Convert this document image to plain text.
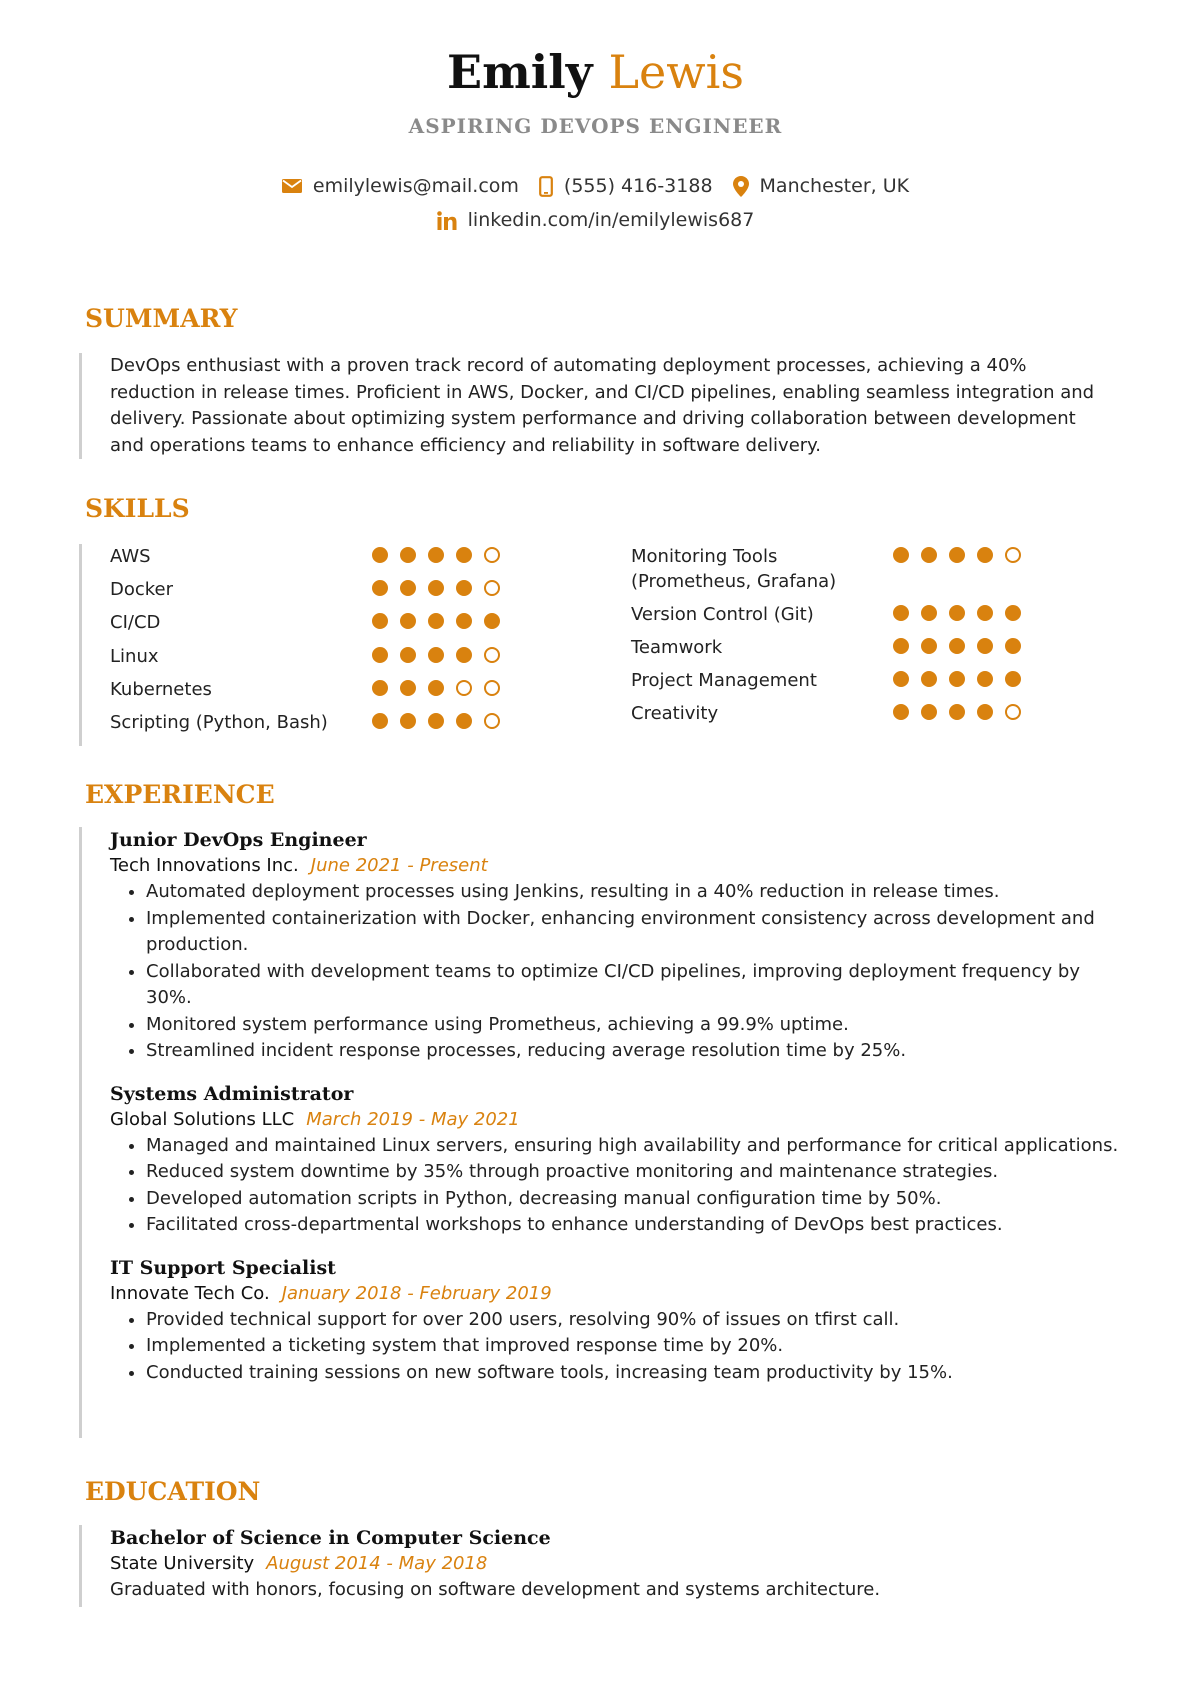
Emily Lewis
ASPIRING DEVOPS ENGINEER
emilylewis@mail.com (555) 416-3188 Manchester, UK
linkedin.com/in/emilylewis687
SUMMARY

DevOps enthusiast with a proven track record of automating deployment processes, achieving a 40% reduction in release times. Proficient in AWS, Docker, and CI/CD pipelines, enabling seamless integration and delivery. Passionate about optimizing system performance and driving collaboration between development and operations teams to enhance efficiency and reliability in software delivery.

SKILLS
AWS
Docker
CI/CD
Linux
Kubernetes
Scripting (Python, Bash)
Monitoring Tools (Prometheus, Grafana)
Version Control (Git)
Teamwork
Project Management
Creativity
EXPERIENCE
Junior DevOps Engineer
Tech Innovations Inc. June 2021 - Present
• Automated deployment processes using Jenkins, resulting in a 40% reduction in release times.
• Implemented containerization with Docker, enhancing environment consistency across development and production.
• Collaborated with development teams to optimize CI/CD pipelines, improving deployment frequency by 30%.
• Monitored system performance using Prometheus, achieving a 99.9% uptime.
• Streamlined incident response processes, reducing average resolution time by 25%.
Systems Administrator
Global Solutions LLC March 2019 - May 2021
• Managed and maintained Linux servers, ensuring high availability and performance for critical applications.
• Reduced system downtime by 35% through proactive monitoring and maintenance strategies.
• Developed automation scripts in Python, decreasing manual configuration time by 50%.
• Facilitated cross-departmental workshops to enhance understanding of DevOps best practices.
IT Support Specialist
Innovate Tech Co. January 2018 - February 2019
• Provided technical support for over 200 users, resolving 90% of issues on tfirst call.
• Implemented a ticketing system that improved response time by 20%.
• Conducted training sessions on new software tools, increasing team productivity by 15%.
EDUCATION
Bachelor of Science in Computer Science
State University August 2014 - May 2018
Graduated with honors, focusing on software development and systems architecture.
